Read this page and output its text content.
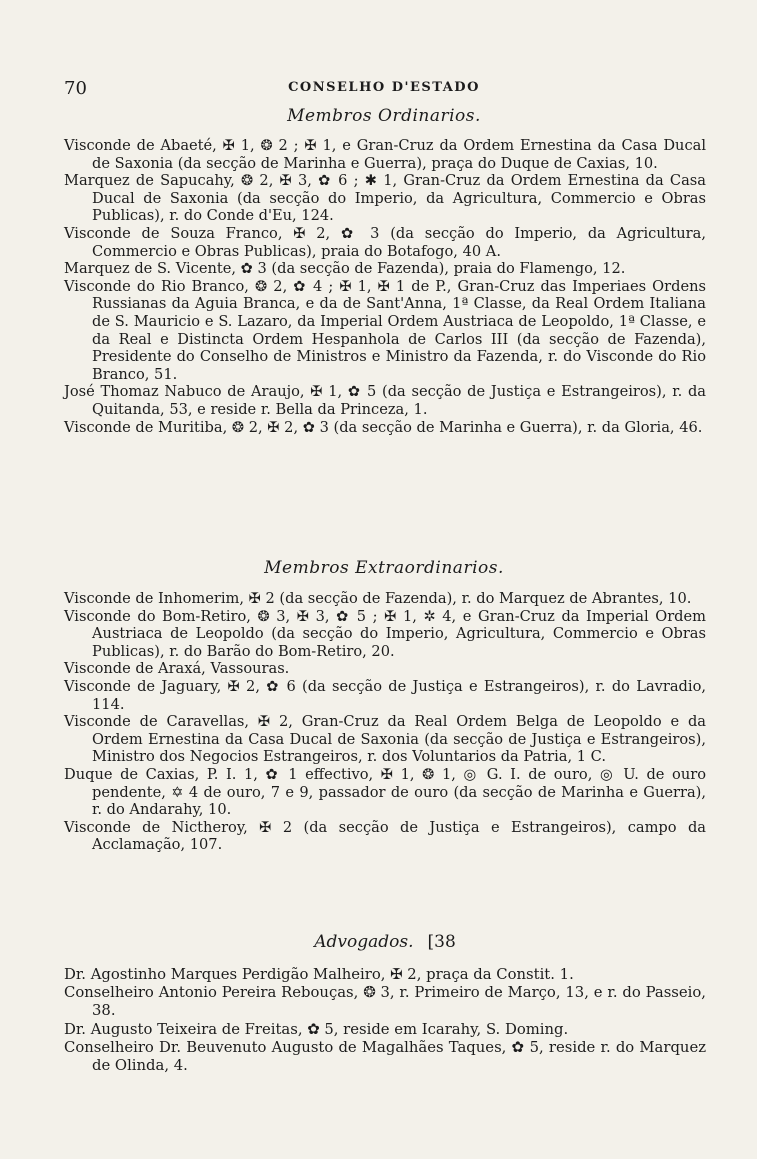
70	CONSELHO D'ESTADO
Membros Ordinarios.
Visconde de Abaeté, ✠ 1, ❂ 2 ; ✠ 1, e Gran-Cruz da Ordem Ernestina da Casa Ducal de Saxonia (da secção de Marinha e Guerra), praça do Duque de Caxias, 10.
Marquez de Sapucahy, ❂ 2, ✠ 3, ✿ 6 ; ✱ 1, Gran-Cruz da Ordem Ernestina da Casa Ducal de Saxonia (da secção do Imperio, da Agricultura, Commercio e Obras Publicas), r. do Conde d'Eu, 124.
Visconde de Souza Franco, ✠ 2, ✿ 3 (da secção do Imperio, da Agricultura, Commercio e Obras Publicas), praia do Botafogo, 40 A.
Marquez de S. Vicente, ✿ 3 (da secção de Fazenda), praia do Flamengo, 12.
Visconde do Rio Branco, ❂ 2, ✿ 4 ; ✠ 1, ✠ 1 de P., Gran-Cruz das Imperiaes Ordens Russianas da Aguia Branca, e da de Sant'Anna, 1ª Classe, da Real Ordem Italiana de S. Mauricio e S. Lazaro, da Imperial Ordem Austriaca de Leopoldo, 1ª Classe, e da Real e Distincta Ordem Hespanhola de Carlos III (da secção de Fazenda), Presidente do Conselho de Ministros e Ministro da Fazenda, r. do Visconde do Rio Branco, 51.
José Thomaz Nabuco de Araujo, ✠ 1, ✿ 5 (da secção de Justiça e Estrangeiros), r. da Quitanda, 53, e reside r. Bella da Princeza, 1.
Visconde de Muritiba, ❂ 2, ✠ 2, ✿ 3 (da secção de Marinha e Guerra), r. da Gloria, 46.
Membros Extraordinarios.
Visconde de Inhomerim, ✠ 2 (da secção de Fazenda), r. do Marquez de Abrantes, 10.
Visconde do Bom-Retiro, ❂ 3, ✠ 3, ✿ 5 ; ✠ 1, ✲ 4, e Gran-Cruz da Imperial Ordem Austriaca de Leopoldo (da secção do Imperio, Agricultura, Commercio e Obras Publicas), r. do Barão do Bom-Retiro, 20.
Visconde de Araxá, Vassouras.
Visconde de Jaguary, ✠ 2, ✿ 6 (da secção de Justiça e Estrangeiros), r. do Lavradio, 114.
Visconde de Caravellas, ✠ 2, Gran-Cruz da Real Ordem Belga de Leopoldo e da Ordem Ernestina da Casa Ducal de Saxonia (da secção de Justiça e Estrangeiros), Ministro dos Negocios Estrangeiros, r. dos Voluntarios da Patria, 1 C.
Duque de Caxias, P. I. 1, ✿ 1 effectivo, ✠ 1, ❂ 1, ◎ G. I. de ouro, ◎ U. de ouro pendente, ✡ 4 de ouro, 7 e 9, passador de ouro (da secção de Marinha e Guerra), r. do Andarahy, 10.
Visconde de Nictheroy, ✠ 2 (da secção de Justiça e Estrangeiros), campo da Acclamação, 107.
Advogados. [38
Dr. Agostinho Marques Perdigão Malheiro, ✠ 2, praça da Constit. 1.
Conselheiro Antonio Pereira Rebouças, ❂ 3, r. Primeiro de Março, 13, e r. do Passeio, 38.
Dr. Augusto Teixeira de Freitas, ✿ 5, reside em Icarahy, S. Doming.
Conselheiro Dr. Beuvenuto Augusto de Magalhães Taques, ✿ 5, reside r. do Marquez de Olinda, 4.
